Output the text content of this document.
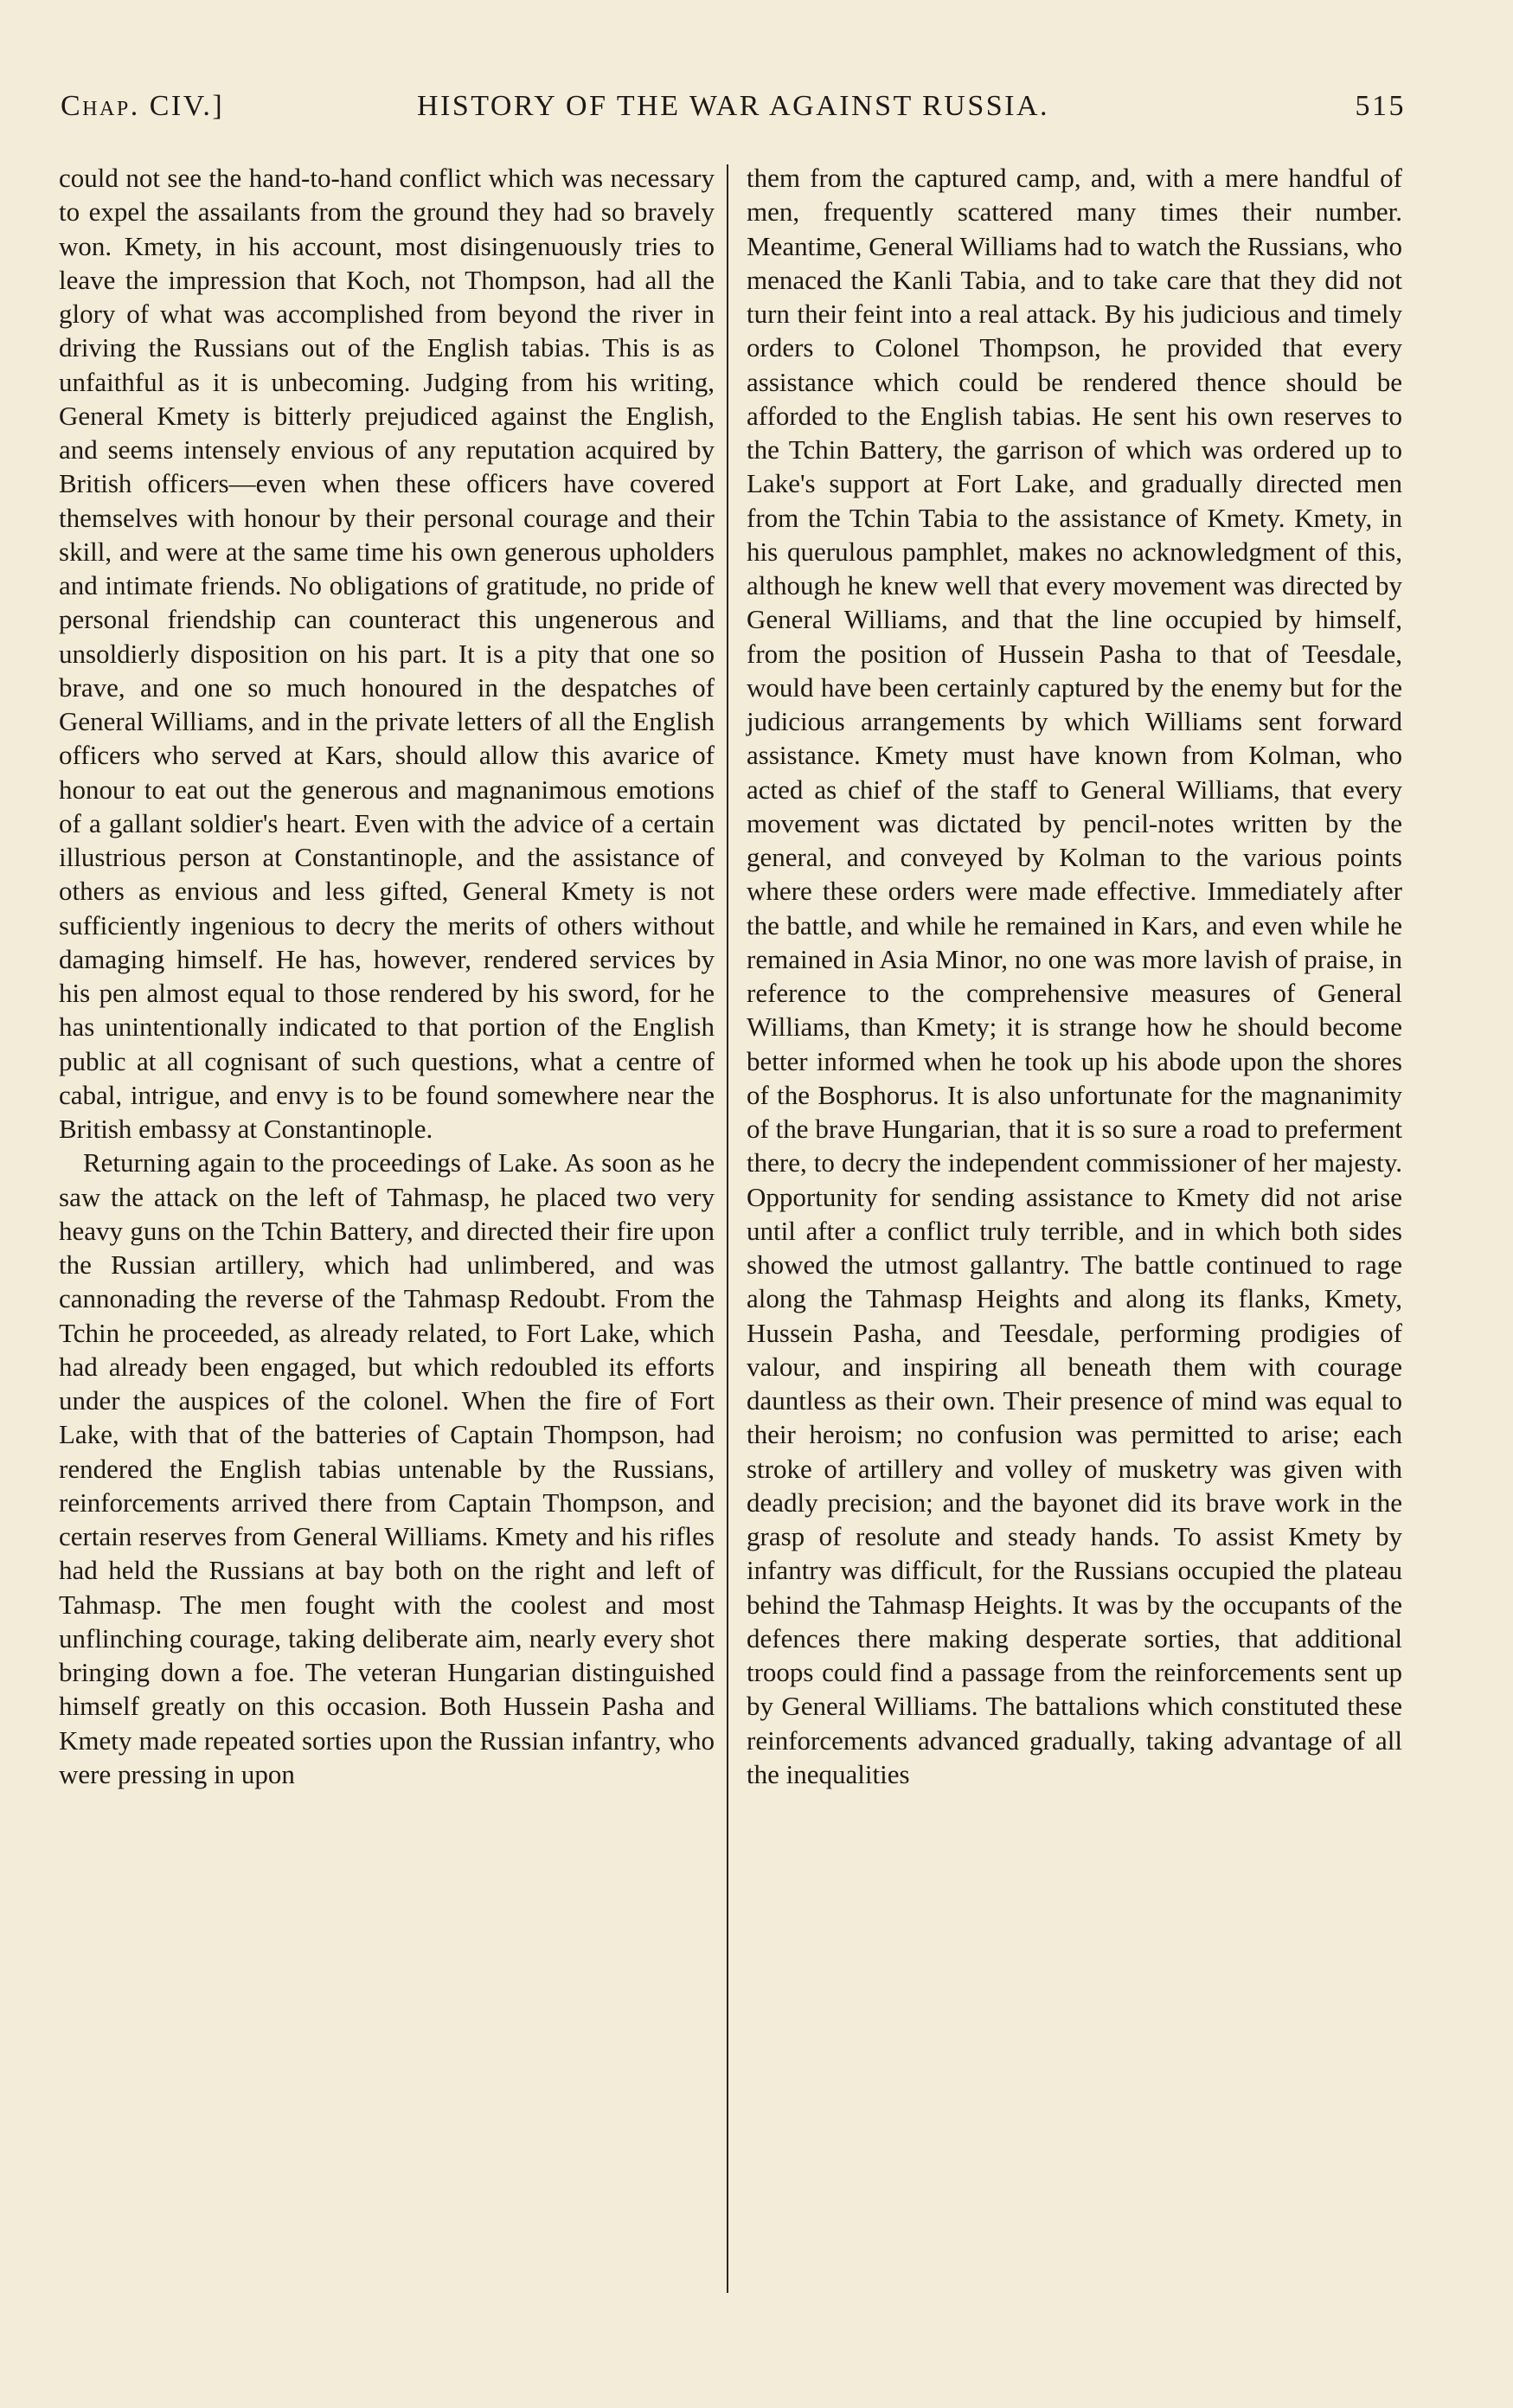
Chap. CIV.]	HISTORY OF THE WAR AGAINST RUSSIA.	515

could not see the hand-to-hand conflict which was necessary to expel the assailants from the ground they had so bravely won. Kmety, in his account, most disingenuously tries to leave the impression that Koch, not Thompson, had all the glory of what was accomplished from beyond the river in driving the Russians out of the English tabias. This is as unfaithful as it is unbecoming. Judging from his writing, General Kmety is bitterly prejudiced against the English, and seems intensely envious of any reputation acquired by British officers—even when these officers have covered themselves with honour by their personal courage and their skill, and were at the same time his own generous upholders and intimate friends. No obligations of gratitude, no pride of personal friendship can counteract this ungenerous and unsoldierly disposition on his part. It is a pity that one so brave, and one so much honoured in the despatches of General Williams, and in the private letters of all the English officers who served at Kars, should allow this avarice of honour to eat out the generous and magnanimous emotions of a gallant soldier's heart. Even with the advice of a certain illustrious person at Constantinople, and the assistance of others as envious and less gifted, General Kmety is not sufficiently ingenious to decry the merits of others without damaging himself. He has, however, rendered services by his pen almost equal to those rendered by his sword, for he has unintentionally indicated to that portion of the English public at all cognisant of such questions, what a centre of cabal, intrigue, and envy is to be found somewhere near the British embassy at Constantinople.

Returning again to the proceedings of Lake. As soon as he saw the attack on the left of Tahmasp, he placed two very heavy guns on the Tchin Battery, and directed their fire upon the Russian artillery, which had unlimbered, and was cannonading the reverse of the Tahmasp Redoubt. From the Tchin he proceeded, as already related, to Fort Lake, which had already been engaged, but which redoubled its efforts under the auspices of the colonel. When the fire of Fort Lake, with that of the batteries of Captain Thompson, had rendered the English tabias untenable by the Russians, reinforcements arrived there from Captain Thompson, and certain reserves from General Williams. Kmety and his rifles had held the Russians at bay both on the right and left of Tahmasp. The men fought with the coolest and most unflinching courage, taking deliberate aim, nearly every shot bringing down a foe. The veteran Hungarian distinguished himself greatly on this occasion. Both Hussein Pasha and Kmety made repeated sorties upon the Russian infantry, who were pressing in upon

them from the captured camp, and, with a mere handful of men, frequently scattered many times their number. Meantime, General Williams had to watch the Russians, who menaced the Kanli Tabia, and to take care that they did not turn their feint into a real attack. By his judicious and timely orders to Colonel Thompson, he provided that every assistance which could be rendered thence should be afforded to the English tabias. He sent his own reserves to the Tchin Battery, the garrison of which was ordered up to Lake's support at Fort Lake, and gradually directed men from the Tchin Tabia to the assistance of Kmety. Kmety, in his querulous pamphlet, makes no acknowledgment of this, although he knew well that every movement was directed by General Williams, and that the line occupied by himself, from the position of Hussein Pasha to that of Teesdale, would have been certainly captured by the enemy but for the judicious arrangements by which Williams sent forward assistance. Kmety must have known from Kolman, who acted as chief of the staff to General Williams, that every movement was dictated by pencil-notes written by the general, and conveyed by Kolman to the various points where these orders were made effective. Immediately after the battle, and while he remained in Kars, and even while he remained in Asia Minor, no one was more lavish of praise, in reference to the comprehensive measures of General Williams, than Kmety; it is strange how he should become better informed when he took up his abode upon the shores of the Bosphorus. It is also unfortunate for the magnanimity of the brave Hungarian, that it is so sure a road to preferment there, to decry the independent commissioner of her majesty. Opportunity for sending assistance to Kmety did not arise until after a conflict truly terrible, and in which both sides showed the utmost gallantry. The battle continued to rage along the Tahmasp Heights and along its flanks, Kmety, Hussein Pasha, and Teesdale, performing prodigies of valour, and inspiring all beneath them with courage dauntless as their own. Their presence of mind was equal to their heroism; no confusion was permitted to arise; each stroke of artillery and volley of musketry was given with deadly precision; and the bayonet did its brave work in the grasp of resolute and steady hands. To assist Kmety by infantry was difficult, for the Russians occupied the plateau behind the Tahmasp Heights. It was by the occupants of the defences there making desperate sorties, that additional troops could find a passage from the reinforcements sent up by General Williams. The battalions which constituted these reinforcements advanced gradually, taking advantage of all the inequalities
